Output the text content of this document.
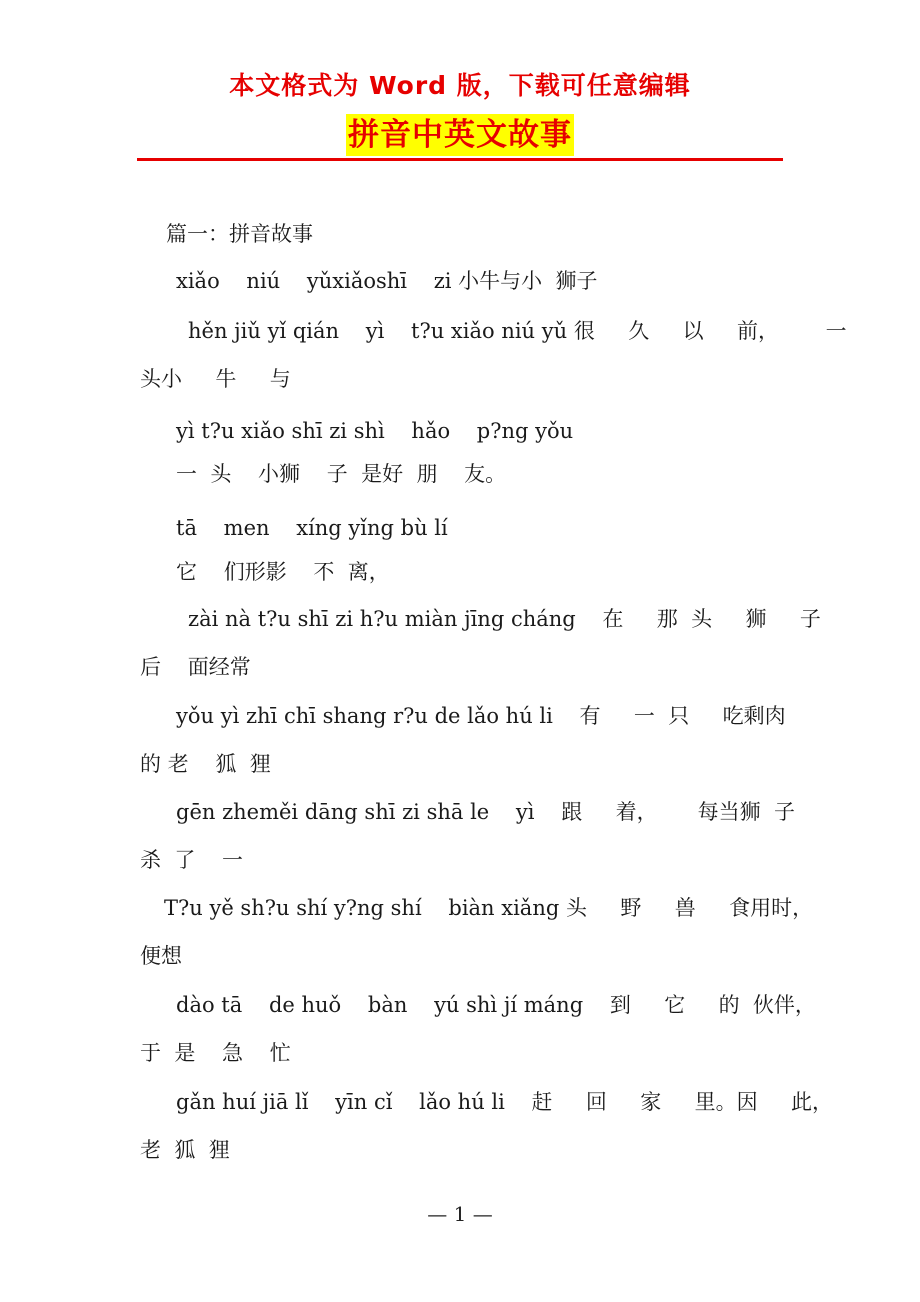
本文格式为 Word 版，下载可任意编辑
拼音中英文故事
篇一：拼音故事
xiǎo    niú    yǔxiǎoshī    zi 小牛与小  狮子
hěn jiǔ yǐ qián    yì    t?u xiǎo niú yǔ 很     久     以     前，       一
头小     牛     与
yì t?u xiǎo shī zi shì    hǎo    p?ng yǒu
一  头    小狮    子  是好  朋    友。
tā    men    xíng yǐng bù lí
它    们形影    不  离，
zài nà t?u shī zi h?u miàn jīng cháng    在     那  头     狮     子
后    面经常
yǒu yì zhī chī shang r?u de lǎo hú li    有     一  只     吃剩肉
的 老    狐  狸
gēn zheměi dāng shī zi shā le    yì    跟     着，      每当狮  子
杀  了    一
T?u yě sh?u shí y?ng shí    biàn xiǎng 头     野     兽     食用时，
便想
dào tā    de huǒ    bàn    yú shì jí máng    到     它     的  伙伴，
于  是    急    忙
gǎn huí jiā lǐ    yīn cǐ    lǎo hú li    赶     回     家     里。因     此，
老  狐  狸
— 1 —
